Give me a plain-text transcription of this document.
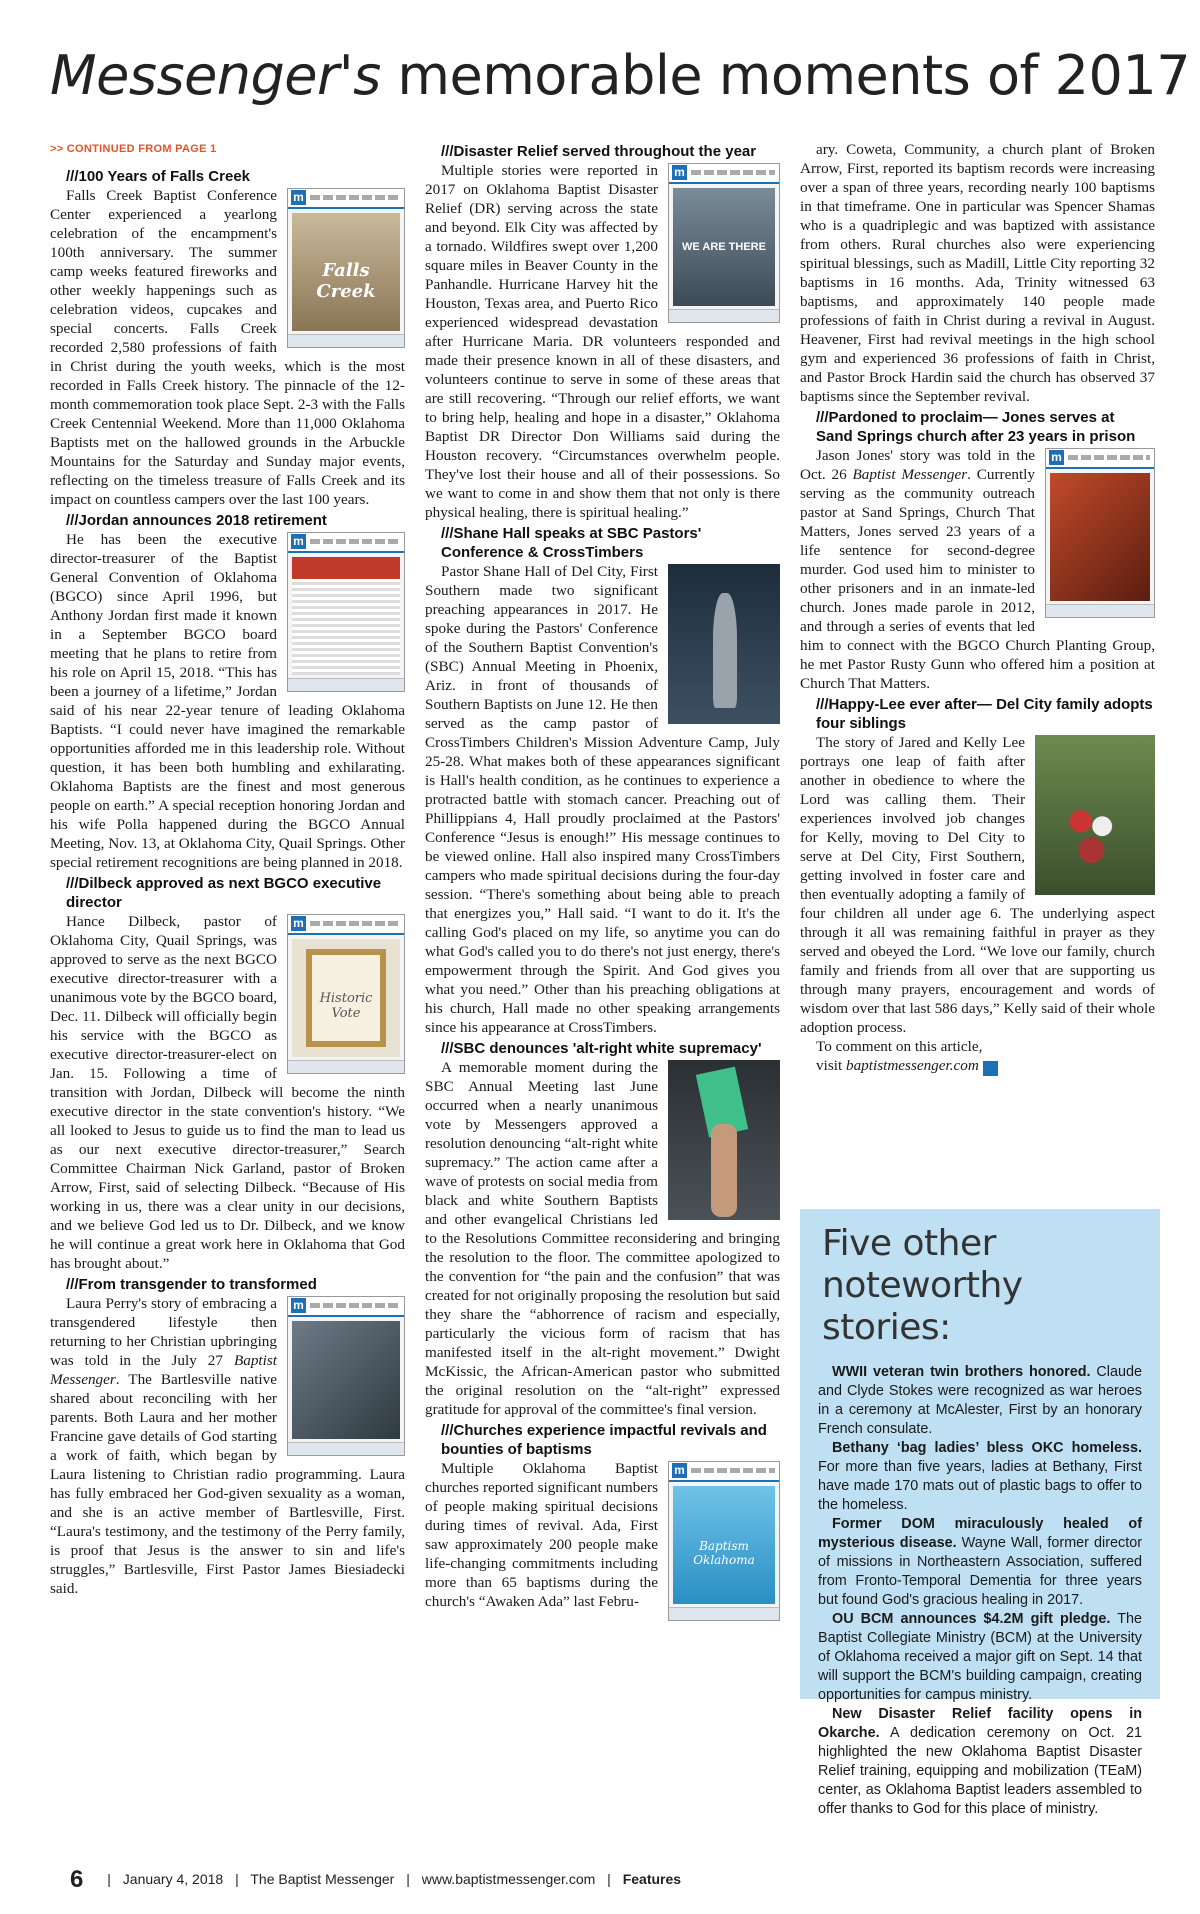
Messenger's memorable moments of 2017
>> CONTINUED FROM PAGE 1
///100 Years of Falls Creek
m
Falls Creek

Falls Creek Baptist Conference Center experienced a yearlong celebration of the encampment's 100th anniversary. The summer camp weeks featured fireworks and other weekly happenings such as celebration videos, cupcakes and special concerts. Falls Creek recorded 2,580 professions of faith in Christ during the youth weeks, which is the most recorded in Falls Creek history. The pinnacle of the 12-month commemoration took place Sept. 2-3 with the Falls Creek Centennial Weekend. More than 11,000 Oklahoma Baptists met on the hallowed grounds in the Arbuckle Mountains for the Saturday and Sunday major events, reflecting on the timeless treasure of Falls Creek and its impact on countless campers over the last 100 years.

///Jordan announces 2018 retirement
m

He has been the executive director-treasurer of the Baptist General Convention of Oklahoma (BGCO) since April 1996, but Anthony Jordan first made it known in a September BGCO board meeting that he plans to retire from his role on April 15, 2018. “This has been a journey of a lifetime,” Jordan said of his near 22-year tenure of leading Oklahoma Baptists. “I could never have imagined the remarkable opportunities afforded me in this leadership role. Without question, it has been both humbling and exhilarating. Oklahoma Baptists are the finest and most generous people on earth.” A special reception honoring Jordan and his wife Polla happened during the BGCO Annual Meeting, Nov. 13, at Oklahoma City, Quail Springs. Other special retirement recognitions are being planned in 2018.

///Dilbeck approved as next BGCO executive director
m
Historic Vote

Hance Dilbeck, pastor of Oklahoma City, Quail Springs, was approved to serve as the next BGCO executive director-treasurer with a unanimous vote by the BGCO board, Dec. 11. Dilbeck will officially begin his service with the BGCO as executive director-treasurer-elect on Jan. 15. Following a time of transition with Jordan, Dilbeck will become the ninth executive director in the state convention's history. “We all looked to Jesus to guide us to find the man to lead us as our next executive director-treasurer,” Search Committee Chairman Nick Garland, pastor of Broken Arrow, First, said of selecting Dilbeck. “Because of His working in us, there was a clear unity in our decisions, and we believe God led us to Dr. Dilbeck, and we know he will continue a great work here in Oklahoma that God has brought about.”

///From transgender to transformed
m

Laura Perry's story of embracing a transgendered lifestyle then returning to her Christian upbringing was told in the July 27 Baptist Messenger. The Bartlesville native shared about reconciling with her parents. Both Laura and her mother Francine gave details of God starting a work of faith, which began by Laura listening to Christian radio programming. Laura has fully embraced her God-given sexuality as a woman, and she is an active member of Bartlesville, First. “Laura's testimony, and the testimony of the Perry family, is proof that Jesus is the answer to sin and life's struggles,” Bartlesville, First Pastor James Biesiadecki said.

///Disaster Relief served throughout the year
m
WE ARE THERE

Multiple stories were reported in 2017 on Oklahoma Baptist Disaster Relief (DR) serving across the state and beyond. Elk City was affected by a tornado. Wildfires swept over 1,200 square miles in Beaver County in the Panhandle. Hurricane Harvey hit the Houston, Texas area, and Puerto Rico experienced widespread devastation after Hurricane Maria. DR volunteers responded and made their presence known in all of these disasters, and volunteers continue to serve in some of these areas that are still recovering. “Through our relief efforts, we want to bring help, healing and hope in a disaster,” Oklahoma Baptist DR Director Don Williams said during the Houston recovery. “Circumstances overwhelm people. They've lost their house and all of their possessions. So we want to come in and show them that not only is there physical healing, there is spiritual healing.”

///Shane Hall speaks at SBC Pastors' Conference & CrossTimbers

Pastor Shane Hall of Del City, First Southern made two significant preaching appearances in 2017. He spoke during the Pastors' Conference of the Southern Baptist Convention's (SBC) Annual Meeting in Phoenix, Ariz. in front of thousands of Southern Baptists on June 12. He then served as the camp pastor of CrossTimbers Children's Mission Adventure Camp, July 25-28. What makes both of these appearances significant is Hall's health condition, as he continues to experience a protracted battle with stomach cancer. Preaching out of Phillippians 4, Hall proudly proclaimed at the Pastors' Conference “Jesus is enough!” His message continues to be viewed online. Hall also inspired many CrossTimbers campers who made spiritual decisions during the four-day session. “There's something about being able to preach that energizes you,” Hall said. “I want to do it. It's the calling God's placed on my life, so anytime you can do what God's called you to do there's not just energy, there's empowerment through the Spirit. And God gives you what you need.” Other than his preaching obligations at his church, Hall made no other speaking arrangements since his appearance at CrossTimbers.

///SBC denounces 'alt-right white supremacy'

A memorable moment during the SBC Annual Meeting last June occurred when a nearly unanimous vote by Messengers approved a resolution denouncing “alt-right white supremacy.” The action came after a wave of protests on social media from black and white Southern Baptists and other evangelical Christians led to the Resolutions Committee reconsidering and bringing the resolution to the floor. The committee apologized to the convention for “the pain and the confusion” that was created for not originally proposing the resolution but said they share the “abhorrence of racism and especially, particularly the vicious form of racism that has manifested itself in the alt-right movement.” Dwight McKissic, the African-American pastor who submitted the original resolution on the “alt-right” expressed gratitude for approval of the committee's final version.

///Churches experience impactful revivals and bounties of baptisms
m
Baptism Oklahoma

Multiple Oklahoma Baptist churches reported significant numbers of people making spiritual decisions during times of revival. Ada, First saw approximately 200 people make life-changing commitments including more than 65 baptisms during the church's “Awaken Ada” last Febru-

ary. Coweta, Community, a church plant of Broken Arrow, First, reported its baptism records were increasing over a span of three years, recording nearly 100 baptisms in that timeframe. One in particular was Spencer Shamas who is a quadriplegic and was baptized with assistance from others. Rural churches also were experiencing spiritual blessings, such as Madill, Little City reporting 32 baptisms in 16 months. Ada, Trinity witnessed 63 baptisms, and approximately 140 people made professions of faith in Christ during a revival in August. Heavener, First had revival meetings in the high school gym and experienced 36 professions of faith in Christ, and Pastor Brock Hardin said the church has observed 37 baptisms since the September revival.

///Pardoned to proclaim— Jones serves at Sand Springs church after 23 years in prison
m

Jason Jones' story was told in the Oct. 26 Baptist Messenger. Currently serving as the community outreach pastor at Sand Springs, Church That Matters, Jones served 23 years of a life sentence for second-degree murder. God used him to minister to other prisoners and in an inmate-led church. Jones made parole in 2012, and through a series of events that led him to connect with the BGCO Church Planting Group, he met Pastor Rusty Gunn who offered him a position at Church That Matters.

///Happy-Lee ever after— Del City family adopts four siblings

The story of Jared and Kelly Lee portrays one leap of faith after another in obedience to where the Lord was calling them. Their experiences involved job changes for Kelly, moving to Del City to serve at Del City, First Southern, getting involved in foster care and then eventually adopting a family of four children all under age 6. The underlying aspect through it all was remaining faithful in prayer as they served and obeyed the Lord. “We love our family, church family and friends from all over that are supporting us through many prayers, encouragement and words of wisdom over that last 586 days,” Kelly said of their whole adoption process.

To comment on this article,

visit baptistmessenger.com m

Five other noteworthy stories:

WWII veteran twin brothers honored. Claude and Clyde Stokes were recognized as war heroes in a ceremony at McAlester, First by an honorary French consulate.

Bethany ‘bag ladies’ bless OKC homeless. For more than five years, ladies at Bethany, First have made 170 mats out of plastic bags to offer to the homeless.

Former DOM miraculously healed of mysterious disease. Wayne Wall, former director of missions in Northeastern Association, suffered from Fronto-Temporal Dementia for three years but found God's gracious healing in 2017.

OU BCM announces $4.2M gift pledge. The Baptist Collegiate Ministry (BCM) at the University of Oklahoma received a major gift on Sept. 14 that will support the BCM's building campaign, creating opportunities for campus ministry.

New Disaster Relief facility opens in Okarche. A dedication ceremony on Oct. 21 highlighted the new Oklahoma Baptist Disaster Relief training, equipping and mobilization (TEaM) center, as Oklahoma Baptist leaders assembled to offer thanks to God for this place of ministry.

6 | January 4, 2018 | The Baptist Messenger | www.baptistmessenger.com | Features
